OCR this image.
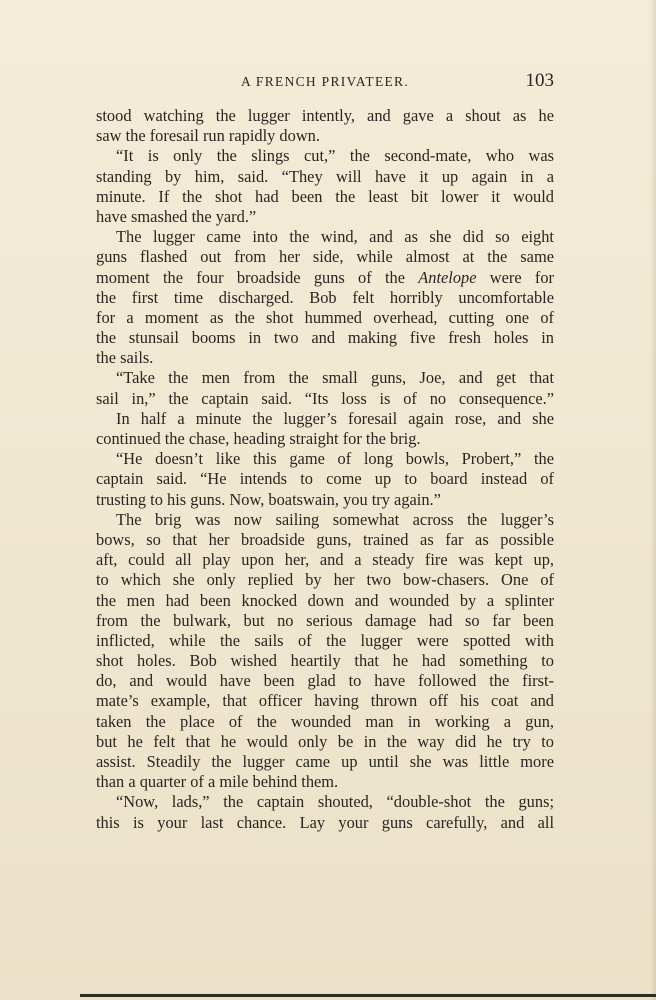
A FRENCH PRIVATEER.	103
stood watching the lugger intently, and gave a shout as he
saw the foresail run rapidly down.
“It is only the slings cut,” the second-mate, who was
standing by him, said. “They will have it up again in a
minute. If the shot had been the least bit lower it would
have smashed the yard.”
The lugger came into the wind, and as she did so eight
guns flashed out from her side, while almost at the same
moment the four broadside guns of the Antelope were for
the first time discharged. Bob felt horribly uncomfortable
for a moment as the shot hummed overhead, cutting one of
the stunsail booms in two and making five fresh holes in
the sails.
“Take the men from the small guns, Joe, and get that
sail in,” the captain said. “Its loss is of no consequence.”
In half a minute the lugger’s foresail again rose, and she
continued the chase, heading straight for the brig.
“He doesn’t like this game of long bowls, Probert,” the
captain said. “He intends to come up to board instead of
trusting to his guns. Now, boatswain, you try again.”
The brig was now sailing somewhat across the lugger’s
bows, so that her broadside guns, trained as far as possible
aft, could all play upon her, and a steady fire was kept up,
to which she only replied by her two bow-chasers. One of
the men had been knocked down and wounded by a splinter
from the bulwark, but no serious damage had so far been
inflicted, while the sails of the lugger were spotted with
shot holes. Bob wished heartily that he had something to
do, and would have been glad to have followed the first-
mate’s example, that officer having thrown off his coat and
taken the place of the wounded man in working a gun,
but he felt that he would only be in the way did he try to
assist. Steadily the lugger came up until she was little more
than a quarter of a mile behind them.
“Now, lads,” the captain shouted, “double-shot the guns;
this is your last chance. Lay your guns carefully, and all
